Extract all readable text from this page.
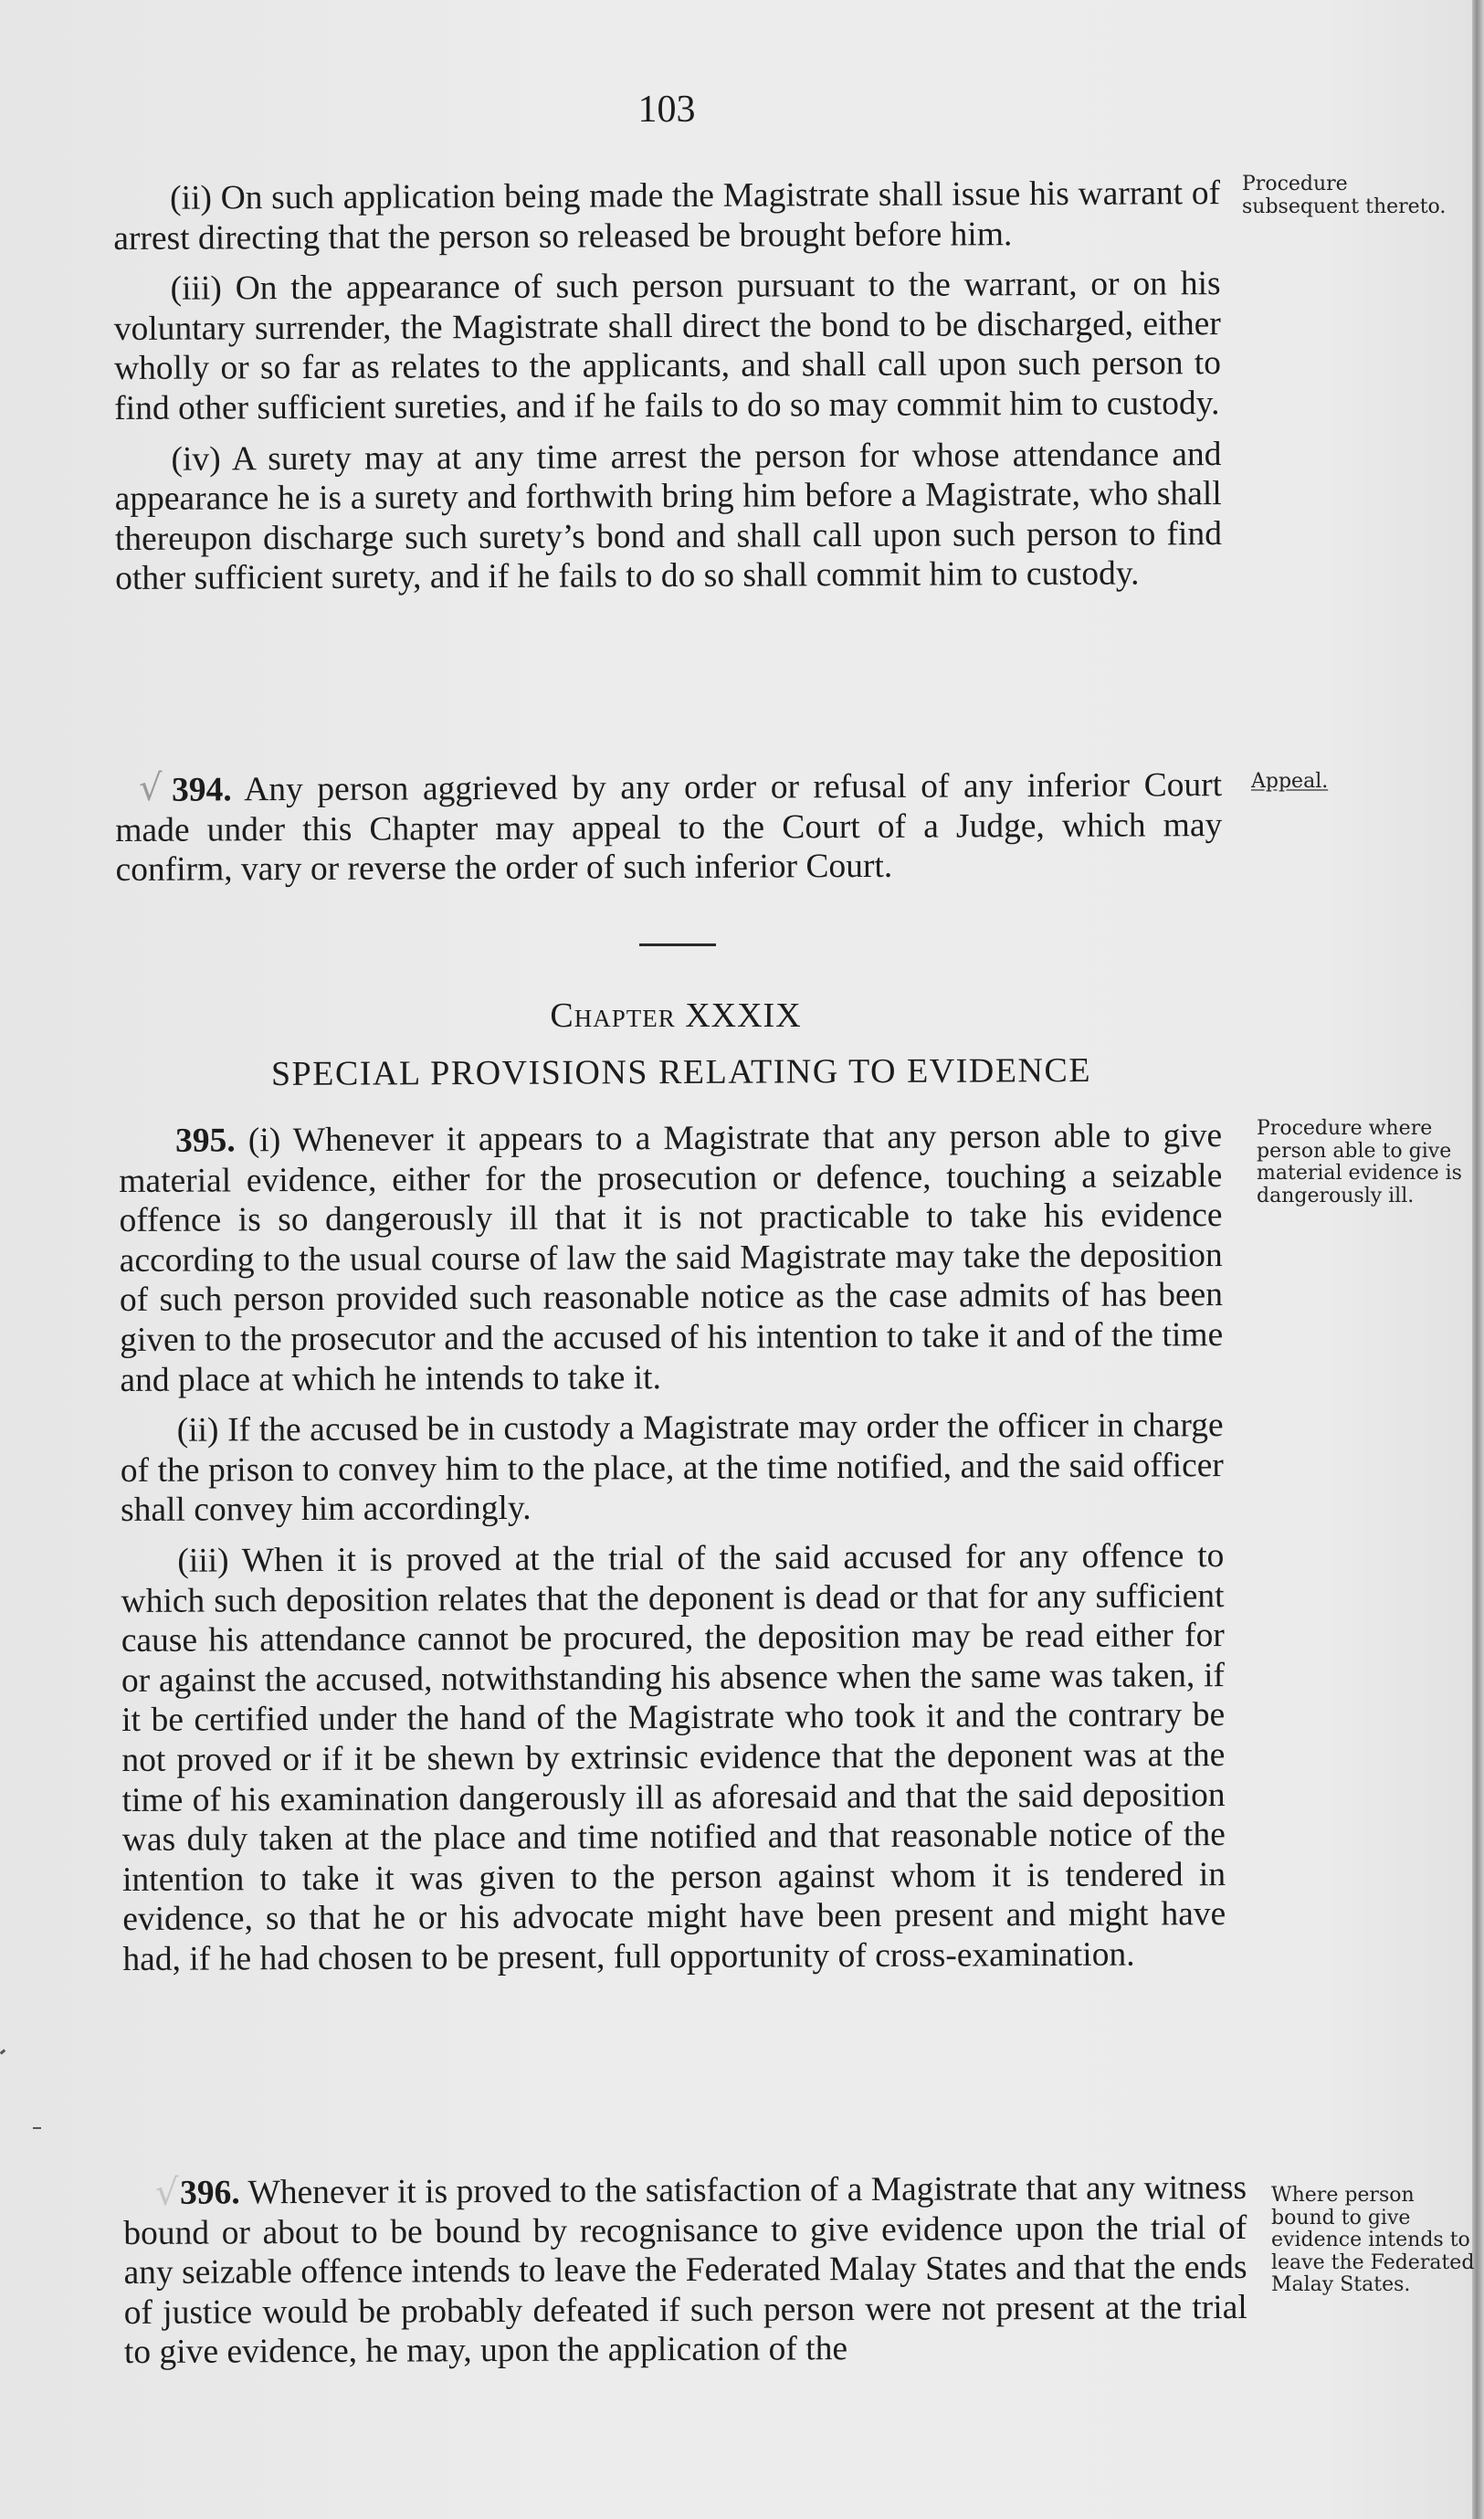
103

(ii) On such application being made the Magistrate shall issue his warrant of arrest directing that the person so released be brought before him.

(iii) On the appearance of such person pursuant to the warrant, or on his voluntary surrender, the Magistrate shall direct the bond to be discharged, either wholly or so far as relates to the applicants, and shall call upon such person to find other sufficient sureties, and if he fails to do so may commit him to custody.

(iv) A surety may at any time arrest the person for whose attendance and appearance he is a surety and forthwith bring him before a Magistrate, who shall thereupon discharge such surety’s bond and shall call upon such person to find other sufficient surety, and if he fails to do so shall commit him to custody.

Procedure subsequent thereto.
√ 394. Any person aggrieved by any order or refusal of any inferior Court made under this Chapter may appeal to the Court of a Judge, which may confirm, vary or reverse the order of such inferior Court.

Appeal.
Chapter XXXIX
SPECIAL PROVISIONS RELATING TO EVIDENCE

395. (i) Whenever it appears to a Magistrate that any person able to give material evidence, either for the prosecution or defence, touching a seizable offence is so dangerously ill that it is not practicable to take his evidence according to the usual course of law the said Magistrate may take the deposition of such person provided such reasonable notice as the case admits of has been given to the prosecutor and the accused of his intention to take it and of the time and place at which he intends to take it.

(ii) If the accused be in custody a Magistrate may order the officer in charge of the prison to convey him to the place, at the time notified, and the said officer shall convey him accordingly.

(iii) When it is proved at the trial of the said accused for any offence to which such deposition relates that the deponent is dead or that for any sufficient cause his attendance cannot be procured, the deposition may be read either for or against the accused, notwithstanding his absence when the same was taken, if it be certified under the hand of the Magistrate who took it and the contrary be not proved or if it be shewn by extrinsic evidence that the deponent was at the time of his examination dangerously ill as aforesaid and that the said deposition was duly taken at the place and time notified and that reasonable notice of the intention to take it was given to the person against whom it is tendered in evidence, so that he or his advocate might have been present and might have had, if he had chosen to be present, full opportunity of cross-examination.

Procedure where person able to give material evidence is dangerously ill.
√ 396. Whenever it is proved to the satisfaction of a Magistrate that any witness bound or about to be bound by recognisance to give evidence upon the trial of any seizable offence intends to leave the Federated Malay States and that the ends of justice would be probably defeated if such person were not present at the trial to give evidence, he may, upon the application of the

Where person bound to give evidence intends to leave the Federated Malay States.
